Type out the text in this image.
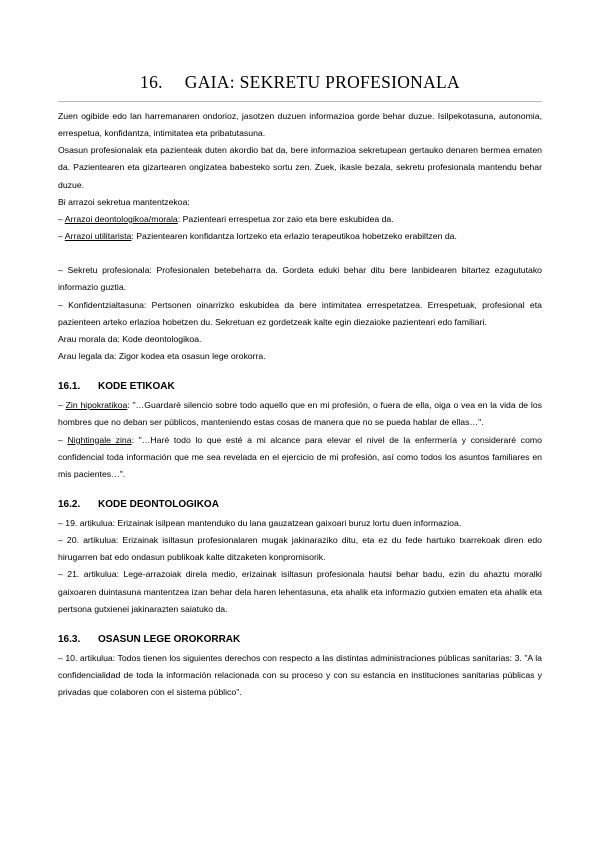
16. GAIA: SEKRETU PROFESIONALA

Zuen ogibide edo lan harremanaren ondorioz, jasotzen duzuen informazioa gorde behar duzue. Isilpekotasuna, autonomia, errespetua, konfidantza, intimitatea eta pribatutasuna.

Osasun profesionalak eta pazienteak duten akordio bat da, bere informazioa sekretupean gertauko denaren bermea ematen da. Pazientearen eta gizartearen ongizatea babesteko sortu zen. Zuek, ikasle bezala, sekretu profesionala mantendu behar duzue.

Bi arrazoi sekretua mantentzekoa:

– Arrazoi deontologikoa/morala: Pazienteari errespetua zor zaio eta bere eskubidea da.

– Arrazoi utilitarista: Pazientearen konfidantza lortzeko eta erlazio terapeutikoa hobetzeko erabiltzen da.

– Sekretu profesionala: Profesionalen betebeharra da. Gordeta eduki behar ditu bere lanbidearen bitartez ezagututako informazio guztia.

– Konfidentzialtasuna: Pertsonen oinarrizko eskubidea da bere intimitatea errespetatzea. Errespetuak, profesional eta pazienteen arteko erlazioa hobetzen du. Sekretuan ez gordetzeak kalte egin diezaioke pazienteari edo familiari.

Arau morala da: Kode deontologikoa.

Arau legala da: Zigor kodea eta osasun lege orokorra.

16.1. KODE ETIKOAK

– Zin hipokratikoa: "…Guardaré silencio sobre todo aquello que en mi profesión, o fuera de ella, oiga o vea en la vida de los hombres que no deban ser públicos, manteniendo estas cosas de manera que no se pueda hablar de ellas…".

– Nightingale zina: "…Haré todo lo que esté a mi alcance para elevar el nivel de la enfermería y consideraré como confidencial toda información que me sea revelada en el ejercicio de mi profesión, así como todos los asuntos familiares en mis pacientes…".

16.2. KODE DEONTOLOGIKOA

– 19. artikulua: Erizainak isilpean mantenduko du lana gauzatzean gaixoari buruz lortu duen informazioa.

– 20. artikulua: Erizainak isiltasun profesionalaren mugak jakinaraziko ditu, eta ez du fede hartuko txarrekoak diren edo hirugarren bat edo ondasun publikoak kalte ditzaketen konpromisorik.

– 21. artikulua: Lege-arrazoiak direla medio, erizainak isiltasun profesionala hautsi behar badu, ezin du ahaztu moralki gaixoaren duintasuna mantentzea izan behar dela haren lehentasuna, eta ahalik eta informazio gutxien ematen eta ahalik eta pertsona gutxienei jakinarazten saiatuko da.

16.3. OSASUN LEGE OROKORRAK

– 10. artikulua: Todos tienen los siguientes derechos con respecto a las distintas administraciones públicas sanitarias: 3. "A la confidencialidad de toda la información relacionada con su proceso y con su estancia en instituciones sanitarias públicas y privadas que colaboren con el sistema público".
